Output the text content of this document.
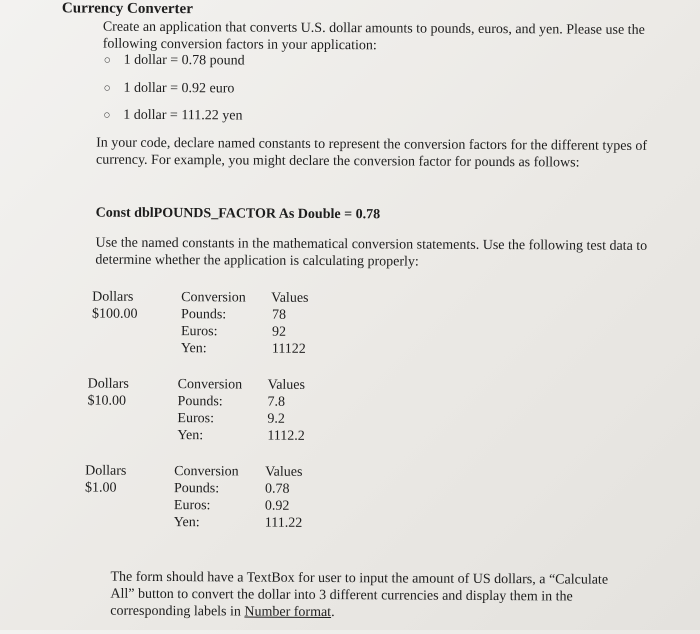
Currency Converter
Create an application that converts U.S. dollar amounts to pounds, euros, and yen. Please use the following conversion factors in your application:
○ 1 dollar = 0.78 pound
○ 1 dollar = 0.92 euro
○ 1 dollar = 111.22 yen
In your code, declare named constants to represent the conversion factors for the different types of currency. For example, you might declare the conversion factor for pounds as follows:
Const dblPOUNDS_FACTOR As Double = 0.78
Use the named constants in the mathematical conversion statements. Use the following test data to determine whether the application is calculating properly:
Dollars
$100.00
Conversion
Pounds:
Euros:
Yen:
Values
78
92
11122
Dollars
$10.00
Conversion
Pounds:
Euros:
Yen:
Values
7.8
9.2
1112.2
Dollars
$1.00
Conversion
Pounds:
Euros:
Yen:
Values
0.78
0.92
111.22
The form should have a TextBox for user to input the amount of US dollars, a “Calculate All” button to convert the dollar into 3 different currencies and display them in the corresponding labels in Number format.
